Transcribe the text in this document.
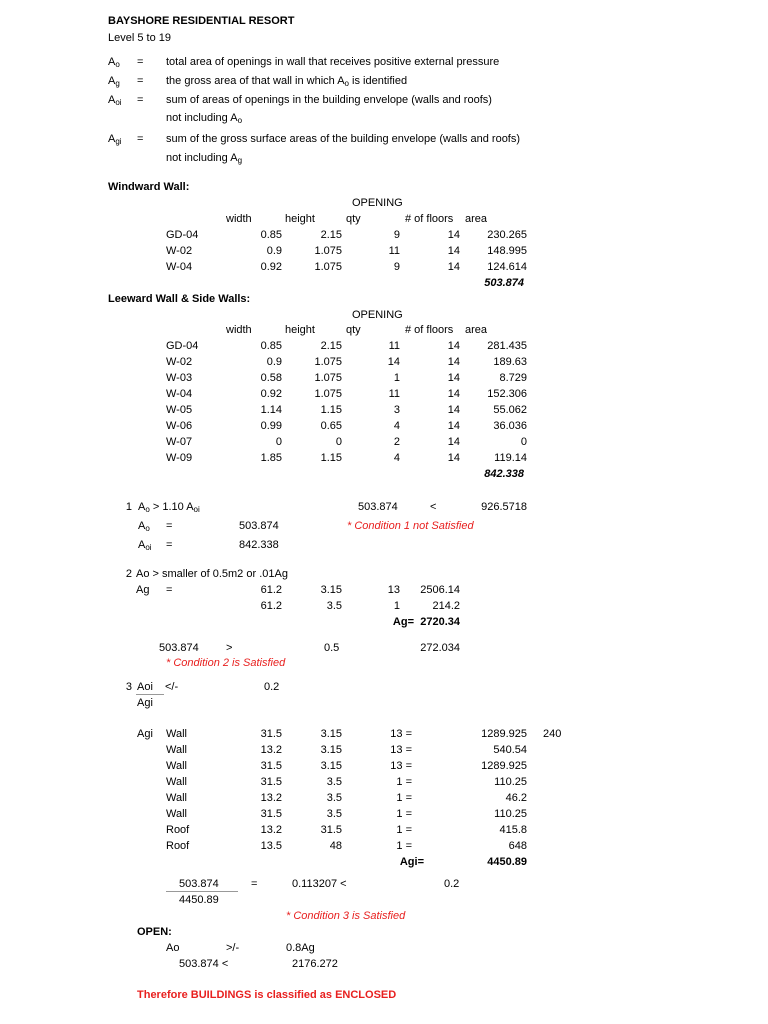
BAYSHORE RESIDENTIAL RESORT
Level 5 to 19
$A_o$ = total area of openings in wall that receives positive external pressure
$A_g$ = the gross area of that wall in which $A_o$ is identified
$A_{oi}$ = sum of areas of openings in the building envelope (walls and roofs)
not including $A_o$
$A_{gi}$ = sum of the gross surface areas of the building envelope (walls and roofs)
not including $A_g$
Windward Wall:
OPENING
width	height	qty	# of floors area
GD-04	0.85	2.15	9	14	230.265
W-02	0.9	1.075	11	14	148.995
W-04	0.92	1.075	9	14	124.614
503.874
Leeward Wall & Side Walls:
OPENING
width	height	qty	# of floors area
GD-04	0.85	2.15	11	14	281.435
W-02	0.9	1.075	14	14	189.63
W-03	0.58	1.075	1	14	8.729
W-04	0.92	1.075	11	14	152.306
W-05	1.14	1.15	3	14	55.062
W-06	0.99	0.65	4	14	36.036
W-07	0	0	2	14	0
W-09	1.85	1.15	4	14	119.14
842.338
1 $A_o > 1.10$ $A_{oi}$	503.874	<	926.5718
$A_o$ =	503.874	* Condition 1 not Satisfied
$A_{oi}$ =	842.338
2 Ao > smaller of 0.5m2 or .01Ag
Ag =	61.2	3.15	13	2506.14
61.2	3.5	1	214.2
Ag= 2720.34
503.874 >	0.5	272.034
* Condition 2 is Satisfied
3 Aoi </-	0.2
Agi
Agi	240
Wall	31.5	3.15	13 =	1289.925
Wall	13.2	3.15	13 =	540.54
Wall	31.5	3.15	13 =	1289.925
Wall	31.5	3.5	1 =	110.25
Wall	13.2	3.5	1 =	46.2
Wall	31.5	3.5	1 =	110.25
Roof	13.2	31.5	1 =	415.8
Roof	13.5	48	1 =	648
Agi=	4450.89
503.874
4450.89
=	0.113207 <	0.2
* Condition 3 is Satisfied
OPEN:
Ao	>/-	0.8Ag
503.874 <	2176.272
Therefore BUILDINGS is classified as ENCLOSED
